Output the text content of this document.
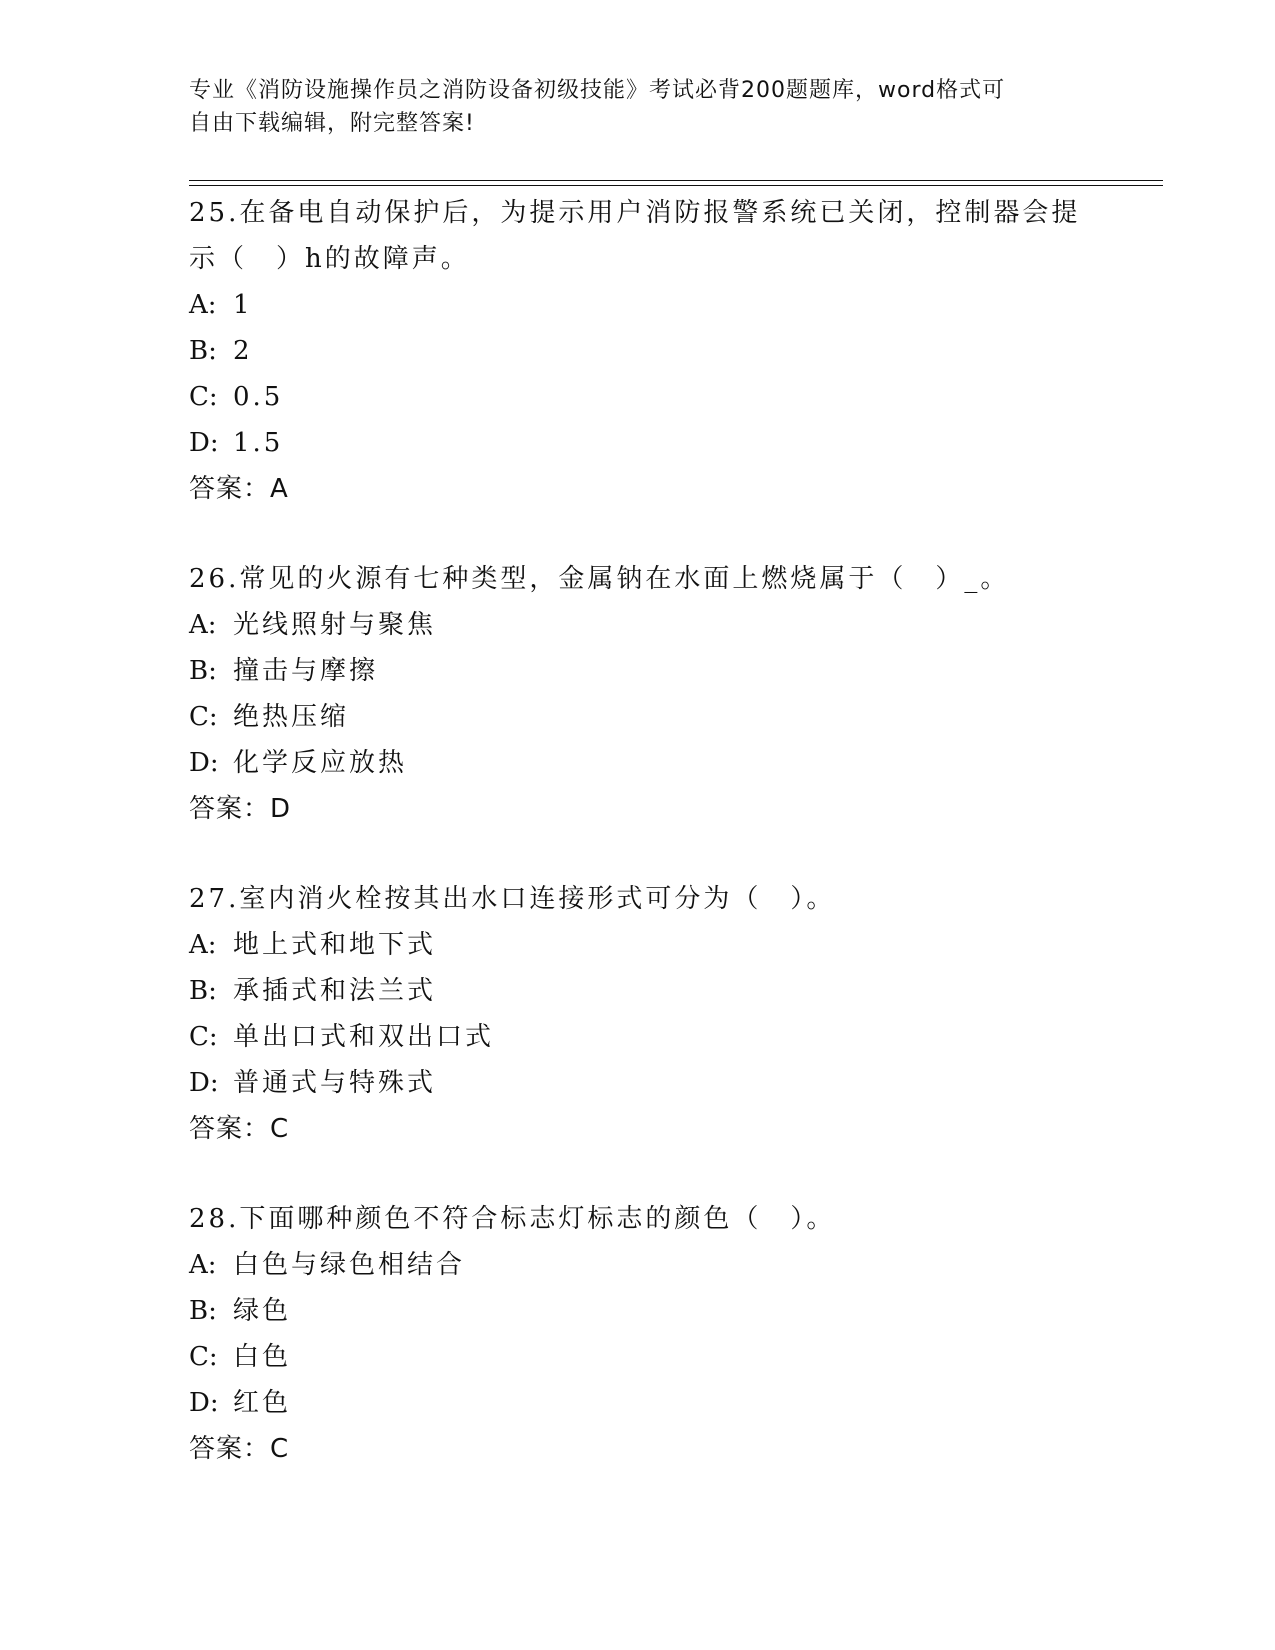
专业《消防设施操作员之消防设备初级技能》考试必背200题题库，word格式可
自由下载编辑，附完整答案!

25.在备电自动保护后，为提示用户消防报警系统已关闭，控制器会提
示（　）h的故障声。

A: 1

B: 2

C: 0.5

D: 1.5

答案：A

26.常见的火源有七种类型，金属钠在水面上燃烧属于（　）_。

A: 光线照射与聚焦

B: 撞击与摩擦

C: 绝热压缩

D: 化学反应放热

答案：D

27.室内消火栓按其出水口连接形式可分为（　）。

A: 地上式和地下式

B: 承插式和法兰式

C: 单出口式和双出口式

D: 普通式与特殊式

答案：C

28.下面哪种颜色不符合标志灯标志的颜色（　）。

A: 白色与绿色相结合

B: 绿色

C: 白色

D: 红色

答案：C
